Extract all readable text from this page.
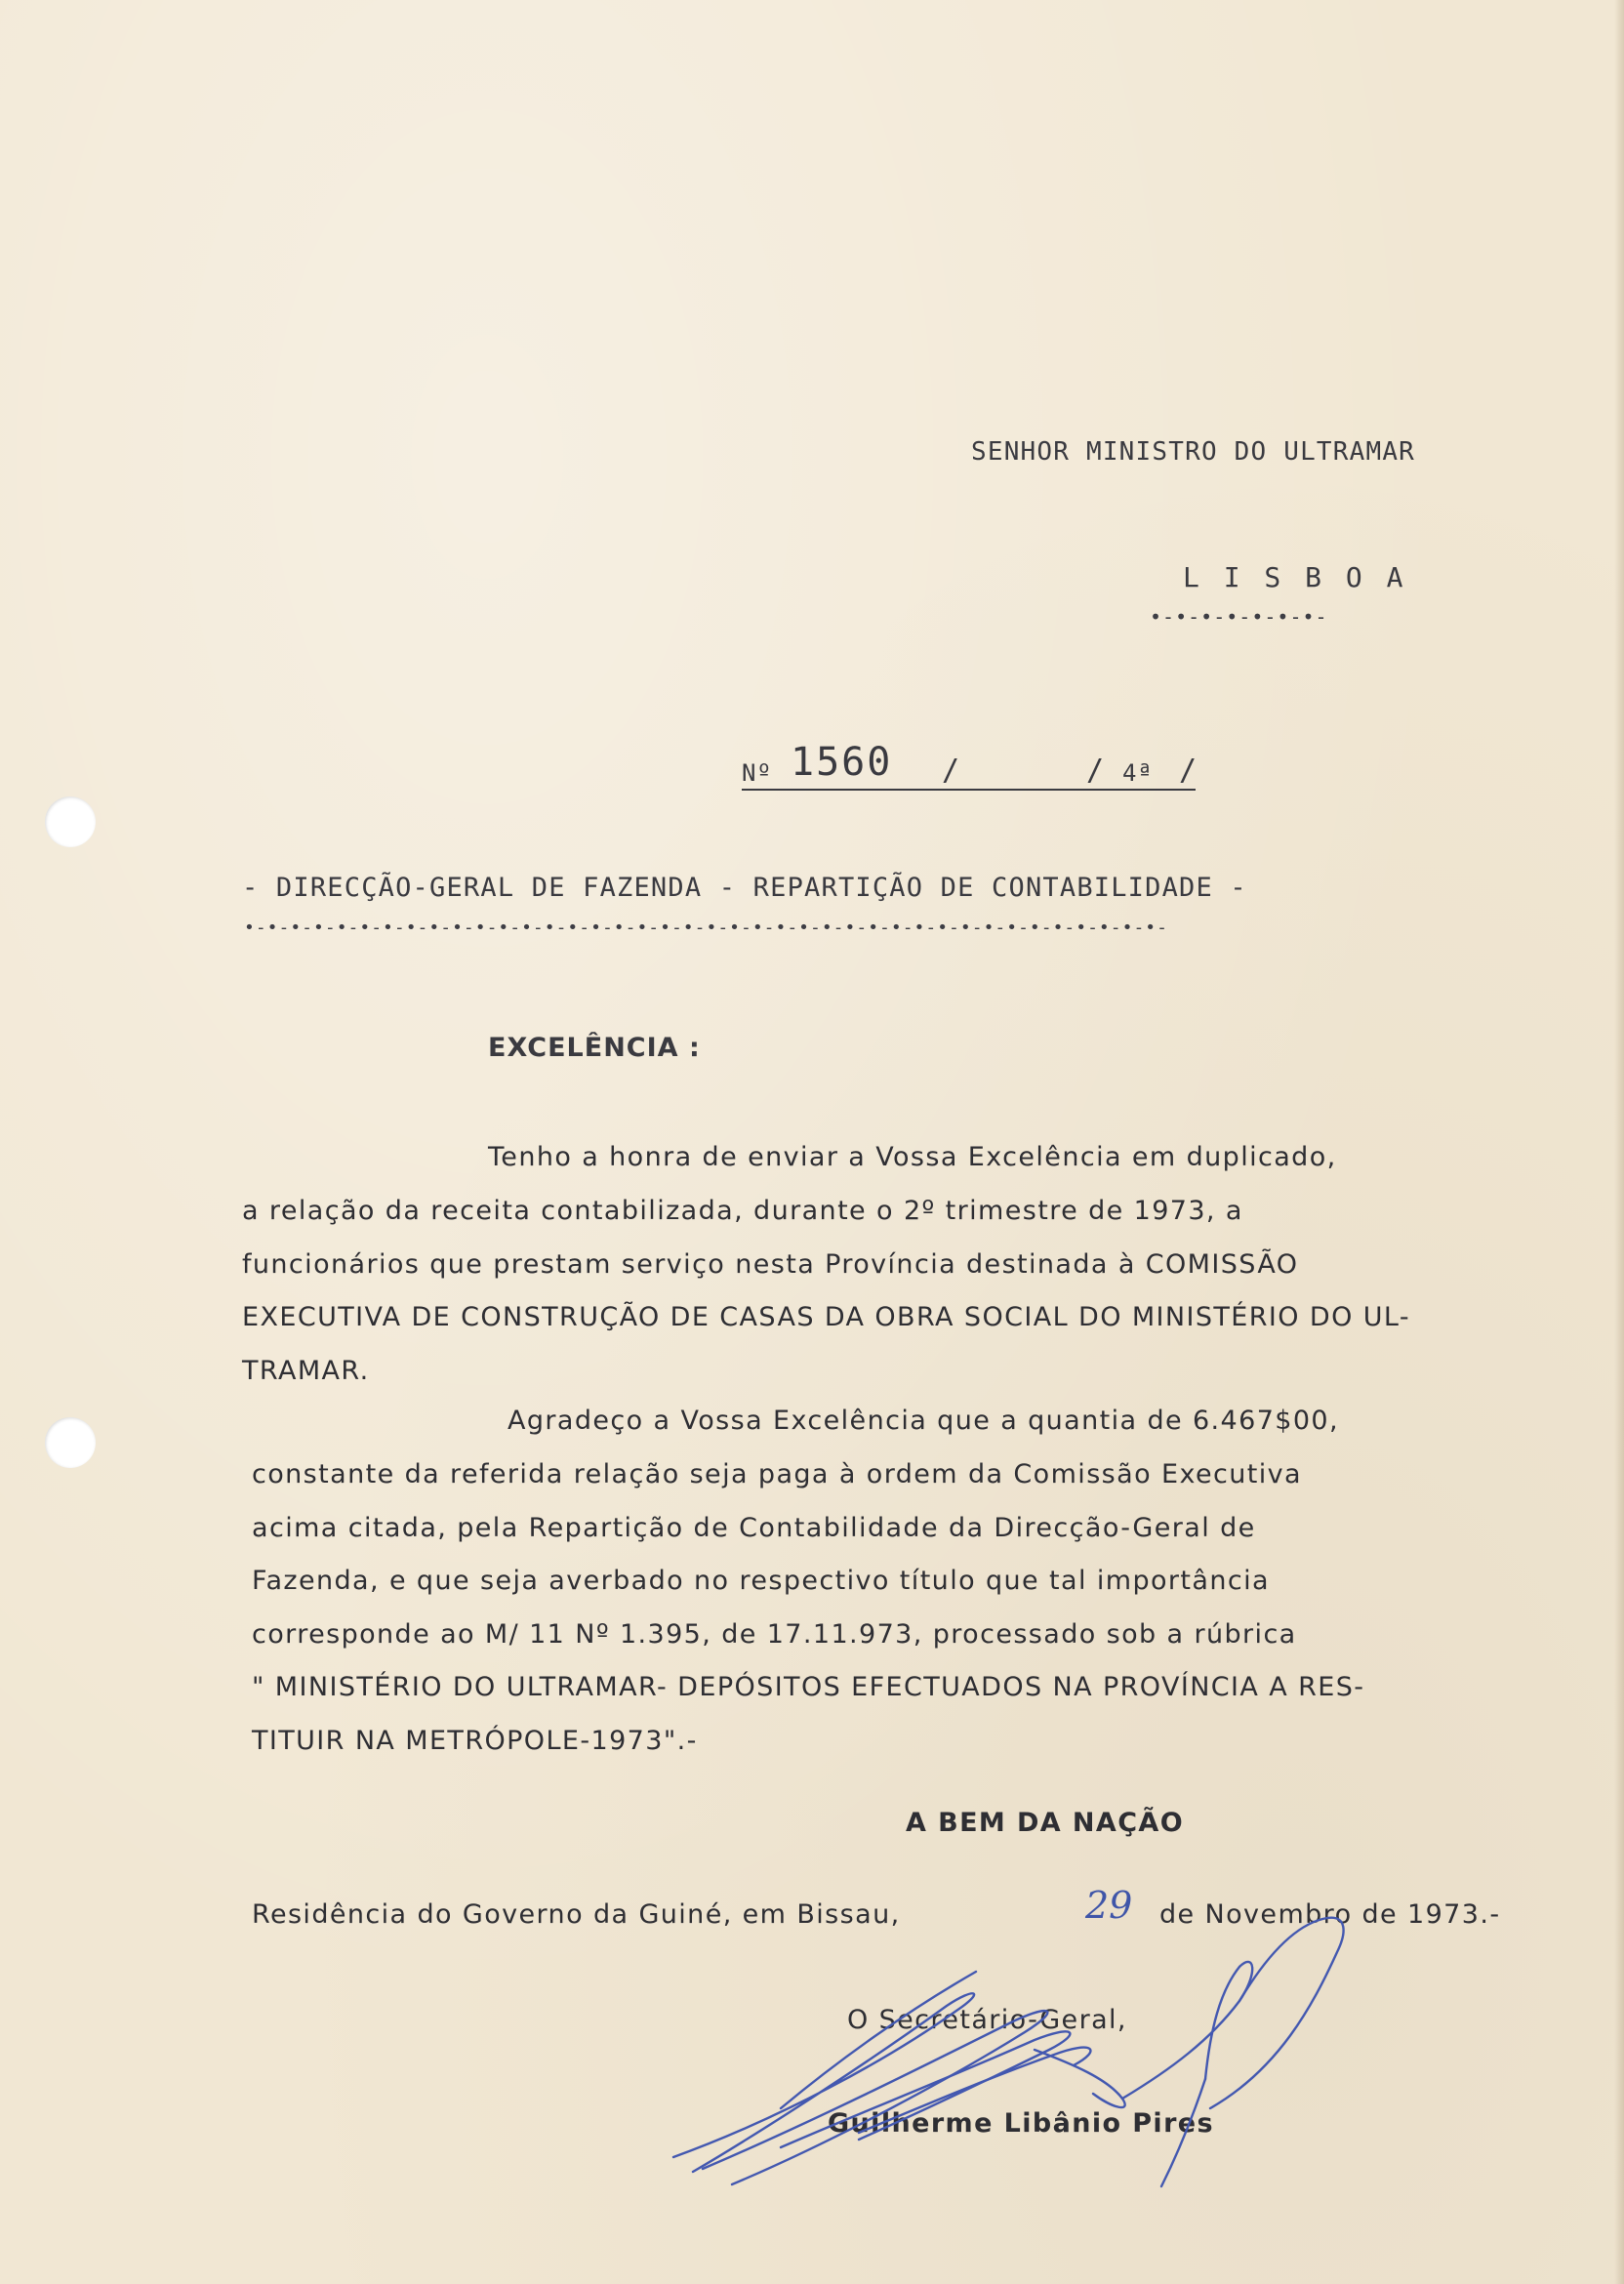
SENHOR MINISTRO DO ULTRAMAR
L I S B O A
•-•-•-•-•-•-•-
Nº 1560 /	/ 4ª /
- DIRECÇÃO-GERAL DE FAZENDA - REPARTIÇÃO DE CONTABILIDADE -
•-•-•-•-•-•-•-•-•-•-•-•-•-•-•-•-•-•-•-•-•-•-•-•-•-•-•-•-•-•-•-•-•-•-•-•-•-•-•-•-
EXCELÊNCIA :
Tenho a honra de enviar a Vossa Excelência em duplicado,
a relação da receita contabilizada, durante o 2º trimestre de 1973, a
funcionários que prestam serviço nesta Província destinada à COMISSÃO
EXECUTIVA DE CONSTRUÇÃO DE CASAS DA OBRA SOCIAL DO MINISTÉRIO DO UL-
TRAMAR.
Agradeço a Vossa Excelência que a quantia de 6.467$00,
constante da referida relação seja paga à ordem da Comissão Executiva
acima citada, pela Repartição de Contabilidade da Direcção-Geral de
Fazenda, e que seja averbado no respectivo título que tal importância
corresponde ao M/ 11 Nº 1.395, de 17.11.973, processado sob a rúbrica
" MINISTÉRIO DO ULTRAMAR- DEPÓSITOS EFECTUADOS NA PROVÍNCIA A RES-
TITUIR NA METRÓPOLE-1973".-
A BEM DA NAÇÃO
Residência do Governo da Guiné, em Bissau,	29 de Novembro de 1973.-
O Secretário-Geral,
Guilherme Libânio Pires
